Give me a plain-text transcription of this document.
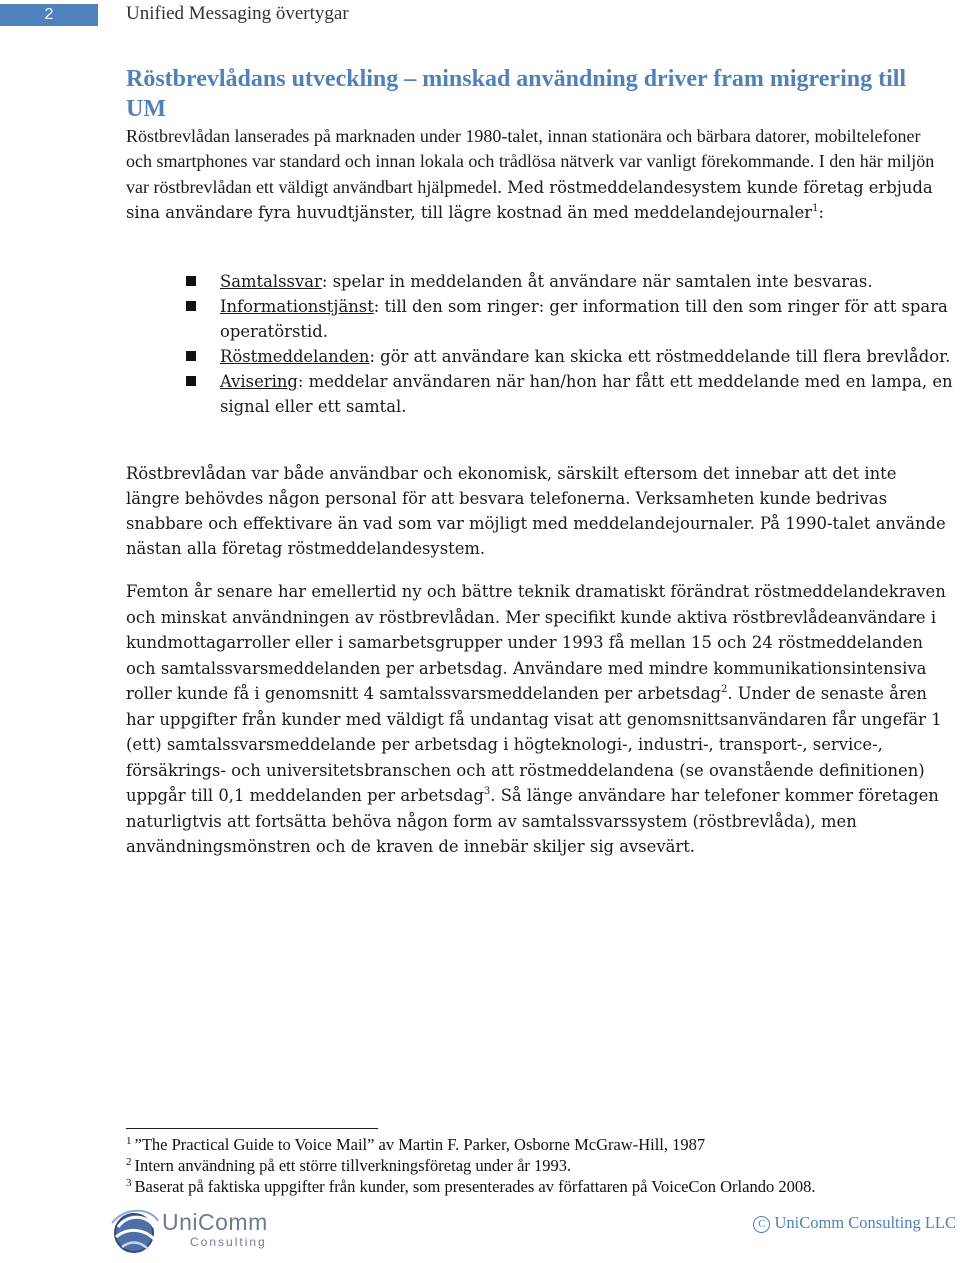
2	Unified Messaging övertygar
Röstbrevlådans utveckling – minskad användning driver fram migrering till UM

Röstbrevlådan lanserades på marknaden under 1980-talet, innan stationära och bärbara datorer, mobiltelefoner och smartphones var standard och innan lokala och trådlösa nätverk var vanligt förekommande. I den här miljön var röstbrevlådan ett väldigt användbart hjälpmedel. Med röstmeddelandesystem kunde företag erbjuda sina användare fyra huvudtjänster, till lägre kostnad än med meddelandejournaler$^1$:

Samtalssvar: spelar in meddelanden åt användare när samtalen inte besvaras.
Informationstjänst: till den som ringer: ger information till den som ringer för att spara operatörstid.
Röstmeddelanden: gör att användare kan skicka ett röstmeddelande till flera brevlådor.
Avisering: meddelar användaren när han/hon har fått ett meddelande med en lampa, en signal eller ett samtal.

Röstbrevlådan var både användbar och ekonomisk, särskilt eftersom det innebar att det inte längre behövdes någon personal för att besvara telefonerna. Verksamheten kunde bedrivas snabbare och effektivare än vad som var möjligt med meddelandejournaler. På 1990-talet använde nästan alla företag röstmeddelandesystem.

Femton år senare har emellertid ny och bättre teknik dramatiskt förändrat röstmeddelandekraven och minskat användningen av röstbrevlådan. Mer specifikt kunde aktiva röstbrevlådeanvändare i kundmottagarroller eller i samarbetsgrupper under 1993 få mellan 15 och 24 röstmeddelanden och samtalssvarsmeddelanden per arbetsdag. Användare med mindre kommunikationsintensiva roller kunde få i genomsnitt 4 samtalssvarsmeddelanden per arbetsdag$^2$. Under de senaste åren har uppgifter från kunder med väldigt få undantag visat att genomsnittsanvändaren får ungefär 1 (ett) samtalssvarsmeddelande per arbetsdag i högteknologi-, industri-, transport-, service-, försäkrings- och universitetsbranschen och att röstmeddelandena (se ovanstående definitionen) uppgår till 0,1 meddelanden per arbetsdag$^3$. Så länge användare har telefoner kommer företagen naturligtvis att fortsätta behöva någon form av samtalssvarssystem (röstbrevlåda), men användningsmönstren och de kraven de innebär skiljer sig avsevärt.

$^1$ ”The Practical Guide to Voice Mail” av Martin F. Parker, Osborne McGraw-Hill, 1987
$^2$ Intern användning på ett större tillverkningsföretag under år 1993.
$^3$ Baserat på faktiska uppgifter från kunder, som presenterades av författaren på VoiceCon Orlando 2008.
UniComm
Consulting
C UniComm Consulting LLC
